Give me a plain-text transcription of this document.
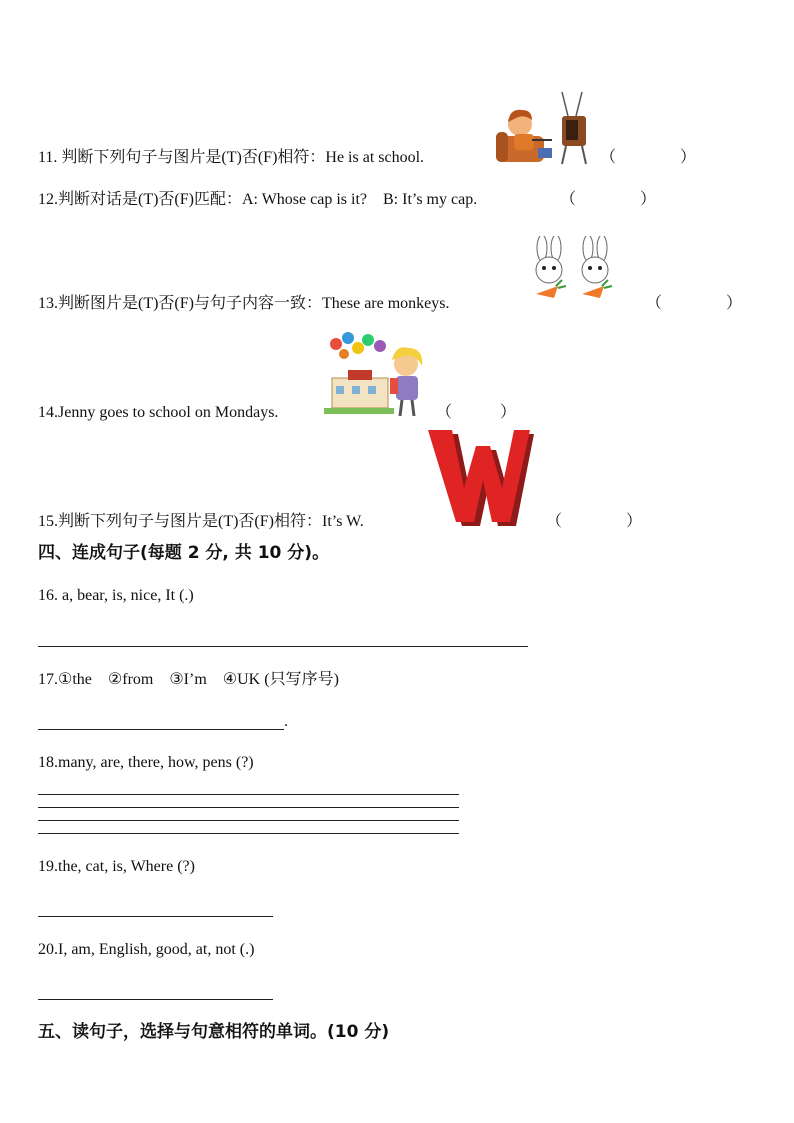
11. 判断下列句子与图片是(T)否(F)相符：He is at school.	（　　　　）
12.判断对话是(T)否(F)匹配：A: Whose cap is it?　B: It’s my cap.	（　　　　）
13.判断图片是(T)否(F)与句子内容一致：These are monkeys.	（　　　　）
14.Jenny goes to school on Mondays.	（　　　）
15.判断下列句子与图片是(T)否(F)相符：It’s W.	（　　　　）
四、连成句子(每题 2 分, 共 10 分)。
16. a, bear, is, nice, It (.)
17.①the　②from　③I’m　④UK (只写序号)
.
18.many, are, there, how, pens (?)
19.the, cat, is, Where (?)
20.I, am, English, good, at, not (.)
五、读句子，选择与句意相符的单词。(10 分)
